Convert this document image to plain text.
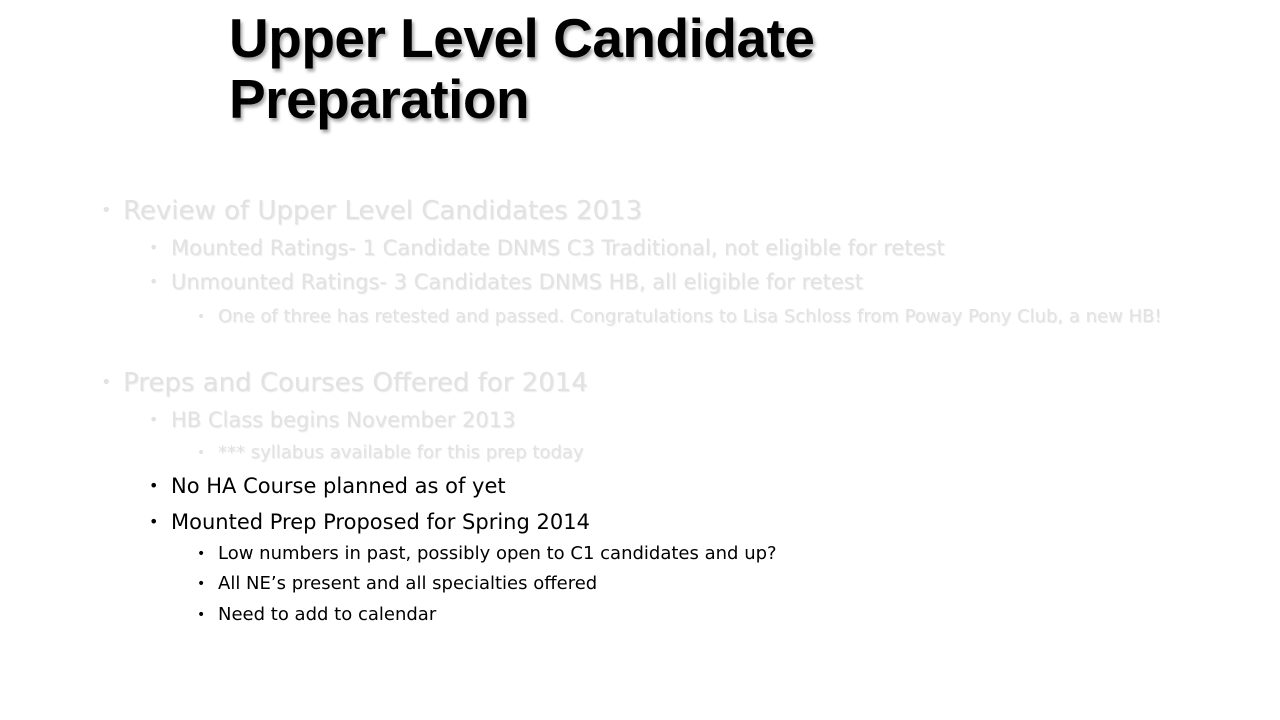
Upper Level Candidate
Preparation
• Review of Upper Level Candidates 2013
• Mounted Ratings- 1 Candidate DNMS C3 Traditional, not eligible for retest
• Unmounted Ratings- 3 Candidates DNMS HB, all eligible for retest
• One of three has retested and passed. Congratulations to Lisa Schloss from Poway Pony Club, a new HB!
• Preps and Courses Offered for 2014
• HB Class begins November 2013
• *** syllabus available for this prep today
• No HA Course planned as of yet
• Mounted Prep Proposed for Spring 2014
• Low numbers in past, possibly open to C1 candidates and up?
• All NE’s present and all specialties offered
• Need to add to calendar
